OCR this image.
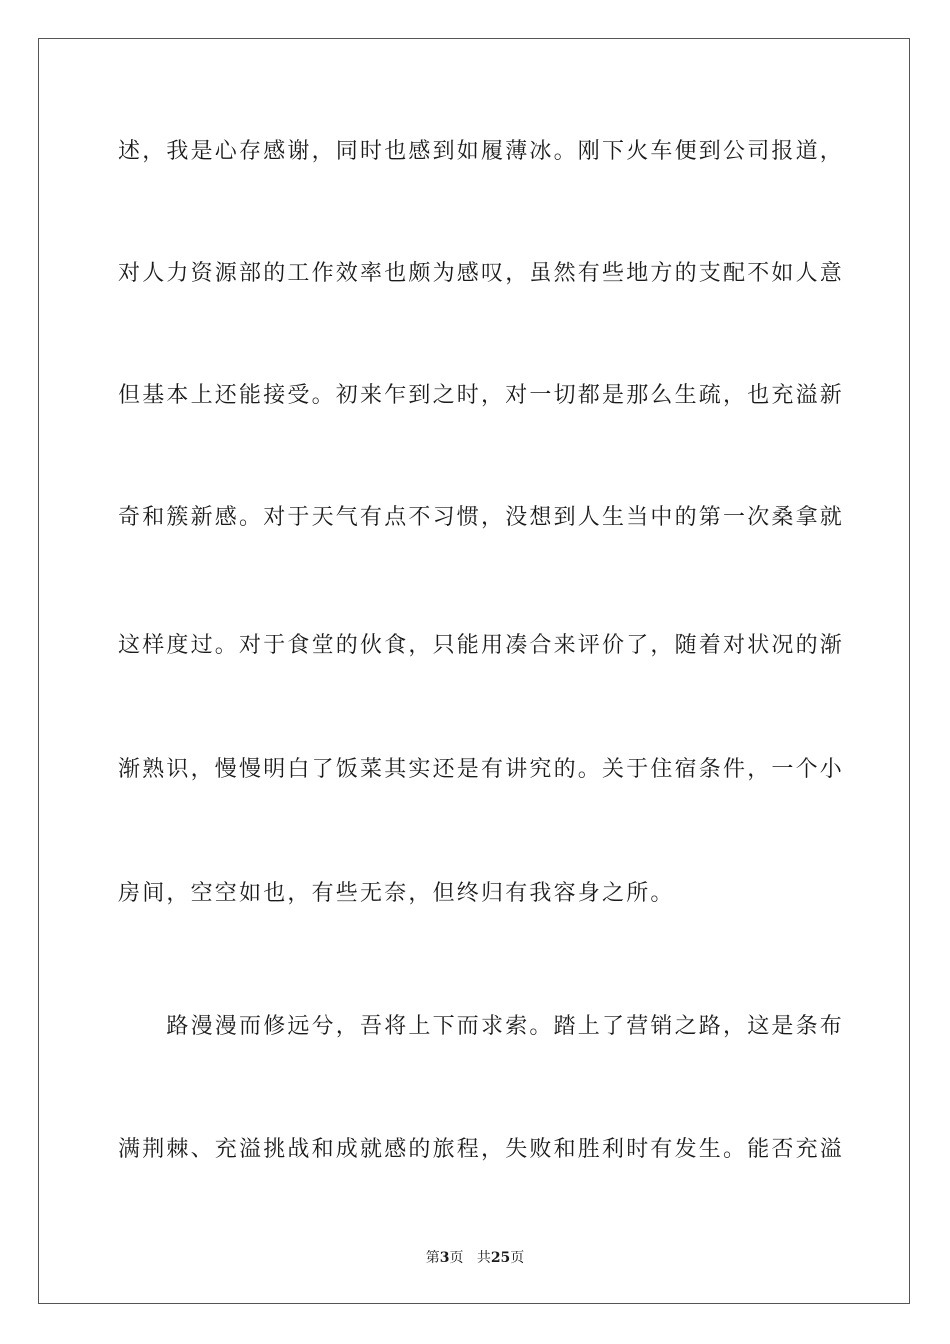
述，我是心存感谢，同时也感到如履薄冰。刚下火车便到公司报道，
对人力资源部的工作效率也颇为感叹，虽然有些地方的支配不如人意
但基本上还能接受。初来乍到之时，对一切都是那么生疏，也充溢新
奇和簇新感。对于天气有点不习惯，没想到人生当中的第一次桑拿就
这样度过。对于食堂的伙食，只能用凑合来评价了，随着对状况的渐
渐熟识，慢慢明白了饭菜其实还是有讲究的。关于住宿条件，一个小
房间，空空如也，有些无奈，但终归有我容身之所。
　　路漫漫而修远兮，吾将上下而求索。踏上了营销之路，这是条布
满荆棘、充溢挑战和成就感的旅程，失败和胜利时有发生。能否充溢
第3页 共25页
